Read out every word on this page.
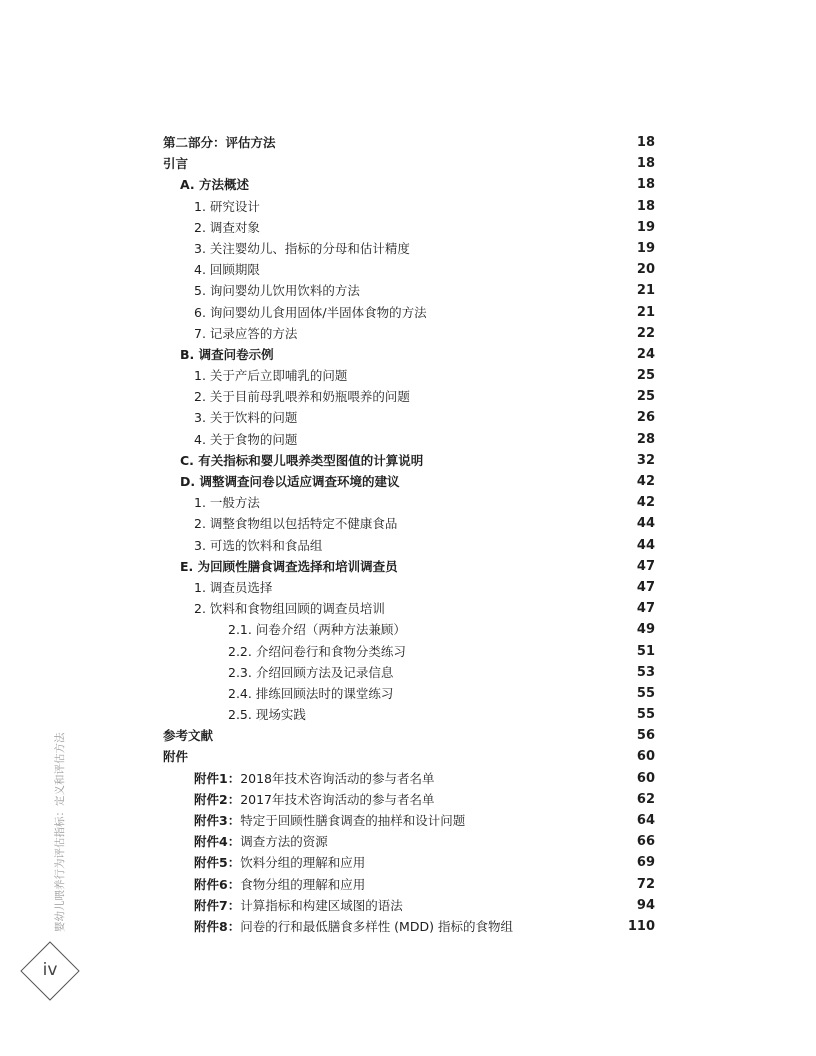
第二部分：评估方法	18
引言	18
A. 方法概述	18
1. 研究设计	18
2. 调查对象	19
3. 关注婴幼儿、指标的分母和估计精度	19
4. 回顾期限	20
5. 询问婴幼儿饮用饮料的方法	21
6. 询问婴幼儿食用固体/半固体食物的方法	21
7. 记录应答的方法	22
B. 调查问卷示例	24
1. 关于产后立即哺乳的问题	25
2. 关于目前母乳喂养和奶瓶喂养的问题	25
3. 关于饮料的问题	26
4. 关于食物的问题	28
C. 有关指标和婴儿喂养类型图值的计算说明	32
D. 调整调查问卷以适应调查环境的建议	42
1. 一般方法	42
2. 调整食物组以包括特定不健康食品	44
3. 可选的饮料和食品组	44
E. 为回顾性膳食调查选择和培训调查员	47
1. 调查员选择	47
2. 饮料和食物组回顾的调查员培训	47
2.1. 问卷介绍（两种方法兼顾）	49
2.2. 介绍问卷行和食物分类练习	51
2.3. 介绍回顾方法及记录信息	53
2.4. 排练回顾法时的课堂练习	55
2.5. 现场实践	55
参考文献	56
附件	60
附件1：2018年技术咨询活动的参与者名单	60
附件2：2017年技术咨询活动的参与者名单	62
附件3：特定于回顾性膳食调查的抽样和设计问题	64
附件4：调查方法的资源	66
附件5：饮料分组的理解和应用	69
附件6：食物分组的理解和应用	72
附件7：计算指标和构建区域图的语法	94
附件8：问卷的行和最低膳食多样性 (MDD) 指标的食物组	110
婴幼儿喂养行为评估指标：定义和评估方法
iv
